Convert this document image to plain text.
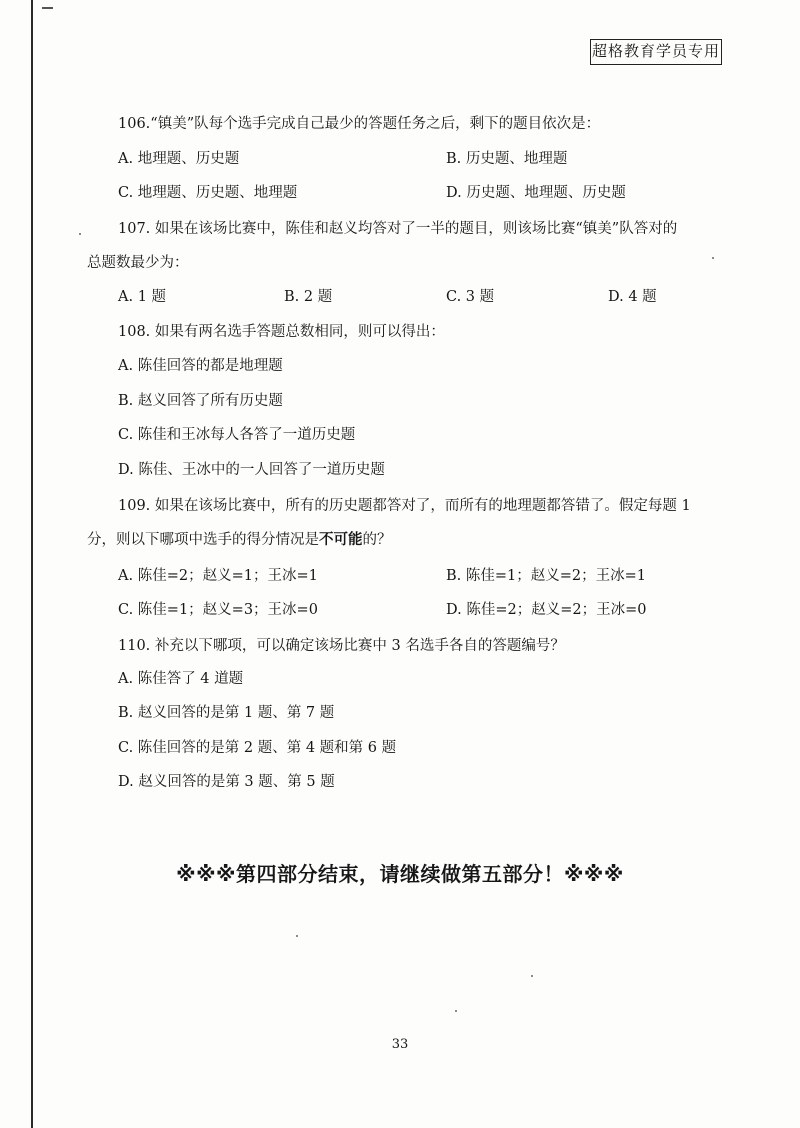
超格教育学员专用
106.“镇美”队每个选手完成自己最少的答题任务之后，剩下的题目依次是：
A. 地理题、历史题	B. 历史题、地理题
C. 地理题、历史题、地理题	D. 历史题、地理题、历史题
107. 如果在该场比赛中，陈佳和赵义均答对了一半的题目，则该场比赛“镇美”队答对的
总题数最少为：
A. 1 题	B. 2 题	C. 3 题	D. 4 题
108. 如果有两名选手答题总数相同，则可以得出：
A. 陈佳回答的都是地理题
B. 赵义回答了所有历史题
C. 陈佳和王冰每人各答了一道历史题
D. 陈佳、王冰中的一人回答了一道历史题
109. 如果在该场比赛中，所有的历史题都答对了，而所有的地理题都答错了。假定每题 1
分，则以下哪项中选手的得分情况是不可能的？
A. 陈佳=2；赵义=1；王冰=1	B. 陈佳=1；赵义=2；王冰=1
C. 陈佳=1；赵义=3；王冰=0	D. 陈佳=2；赵义=2；王冰=0
110. 补充以下哪项，可以确定该场比赛中 3 名选手各自的答题编号？
A. 陈佳答了 4 道题
B. 赵义回答的是第 1 题、第 7 题
C. 陈佳回答的是第 2 题、第 4 题和第 6 题
D. 赵义回答的是第 3 题、第 5 题
※※※第四部分结束，请继续做第五部分！※※※
33
